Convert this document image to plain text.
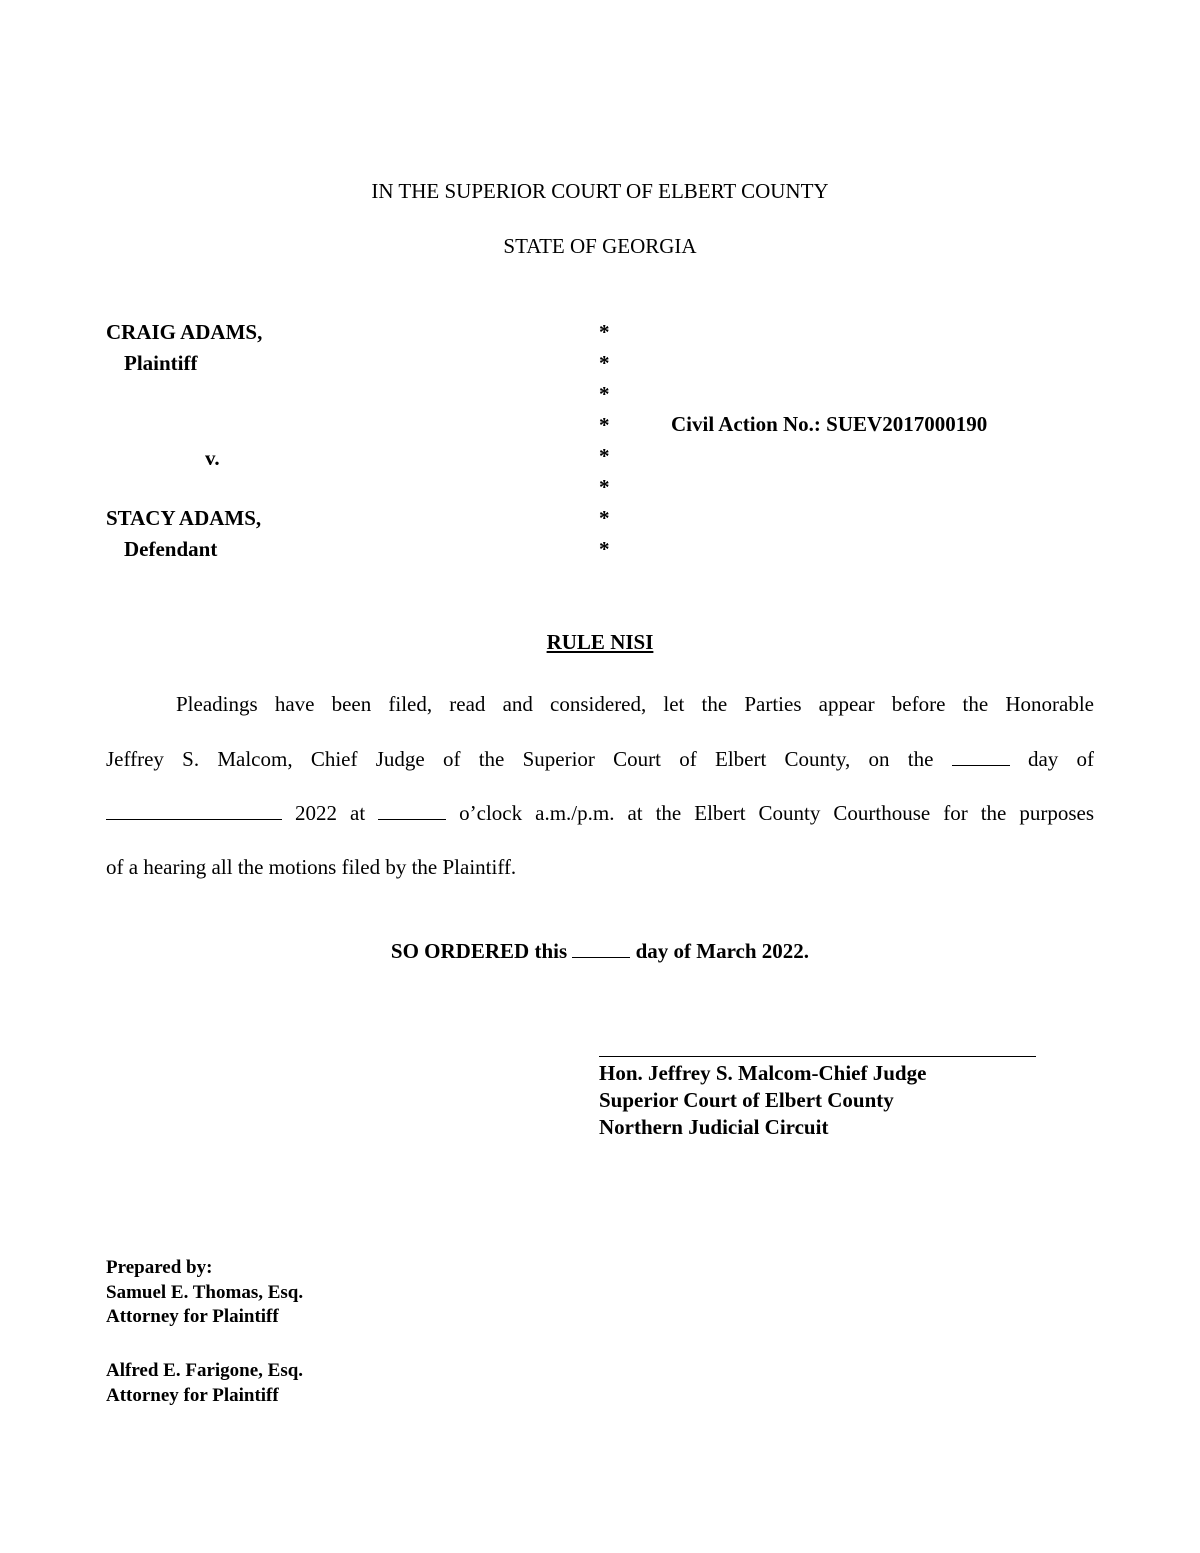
IN THE SUPERIOR COURT OF ELBERT COUNTY
STATE OF GEORGIA
CRAIG ADAMS,
Plaintiff
v.
STACY ADAMS,
Defendant
*
*
*
*
*
*
*
*
Civil Action No.: SUEV2017000190
RULE NISI
Pleadings have been filed, read and considered, let the Parties appear before the Honorable
Jeffrey S. Malcom, Chief Judge of the Superior Court of Elbert County, on the	day of
2022 at	o’clock a.m./p.m. at the Elbert County Courthouse for the purposes
of a hearing all the motions filed by the Plaintiff.
SO ORDERED this	day of March 2022.
Hon. Jeffrey S. Malcom-Chief Judge
Superior Court of Elbert County
Northern Judicial Circuit
Prepared by:
Samuel E. Thomas, Esq.
Attorney for Plaintiff
Alfred E. Farigone, Esq.
Attorney for Plaintiff
